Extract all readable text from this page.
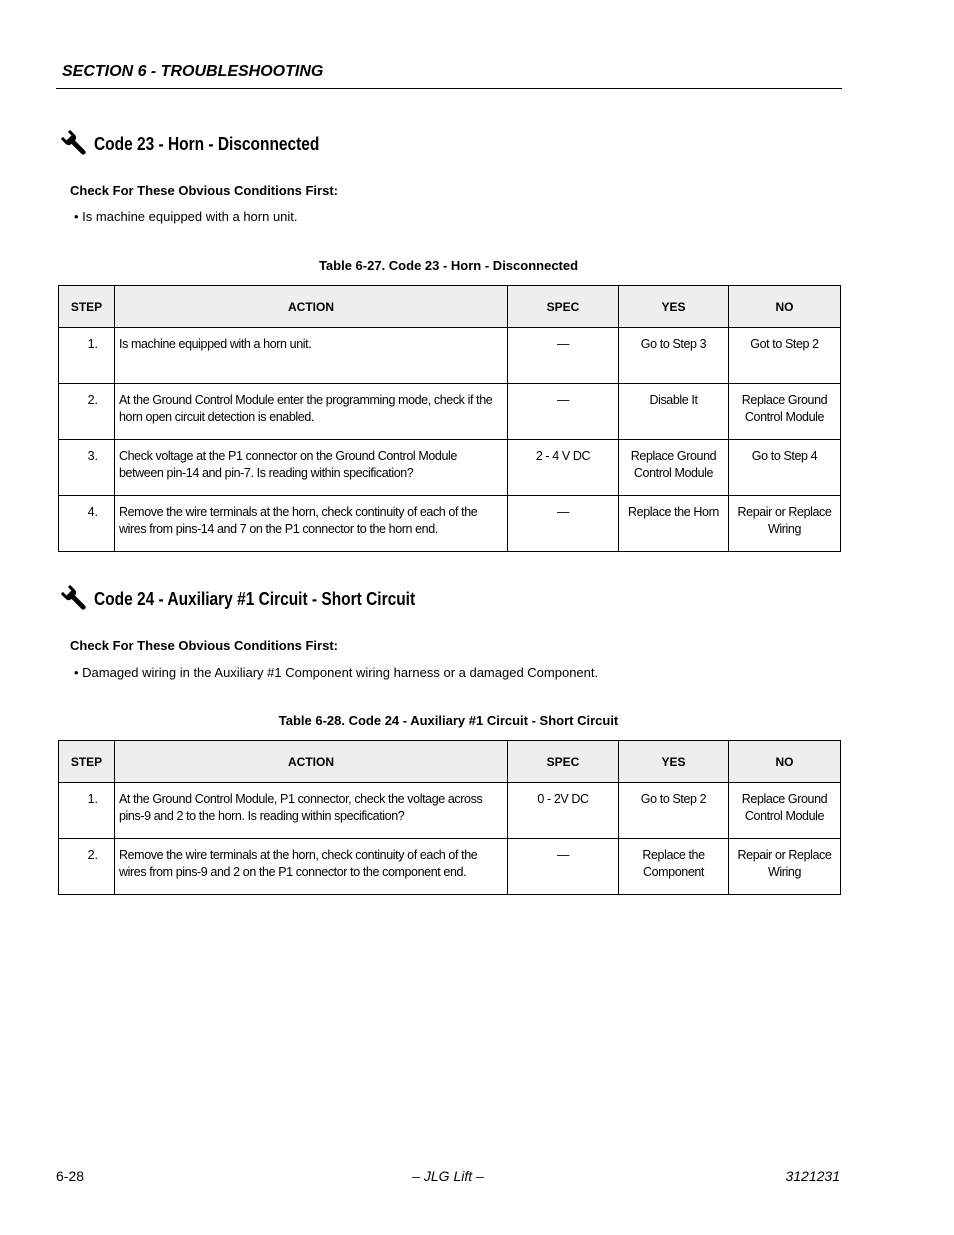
SECTION 6 - TROUBLESHOOTING
Code 23 - Horn - Disconnected
Check For These Obvious Conditions First:
• Is machine equipped with a horn unit.
Table 6-27. Code 23 - Horn - Disconnected
STEP	ACTION	SPEC	YES	NO

1.	Is machine equipped with a horn unit.	—	Go to Step 3	Got to Step 2

2.	At the Ground Control Module enter the programming mode, check if the horn open circuit detection is enabled.	—	Disable It	Replace Ground Control Module

3.	Check voltage at the P1 connector on the Ground Control Module between pin-14 and pin-7. Is reading within specification?	2 - 4 V DC	Replace Ground Control Module	Go to Step 4

4.	Remove the wire terminals at the horn, check continuity of each of the wires from pins-14 and 7 on the P1 connector to the horn end.	—	Replace the Horn	Repair or Replace Wiring
Code 24 - Auxiliary #1 Circuit - Short Circuit
Check For These Obvious Conditions First:
• Damaged wiring in the Auxiliary #1 Component wiring harness or a damaged Component.
Table 6-28. Code 24 - Auxiliary #1 Circuit - Short Circuit
STEP	ACTION	SPEC	YES	NO

1.	At the Ground Control Module, P1 connector, check the voltage across pins-9 and 2 to the horn. Is reading within specification?	0 - 2V DC	Go to Step 2	Replace Ground Control Module

2.	Remove the wire terminals at the horn, check continuity of each of the wires from pins-9 and 2 on the P1 connector to the component end.	—	Replace the Component	Repair or Replace Wiring
6-28	– JLG Lift –	3121231
